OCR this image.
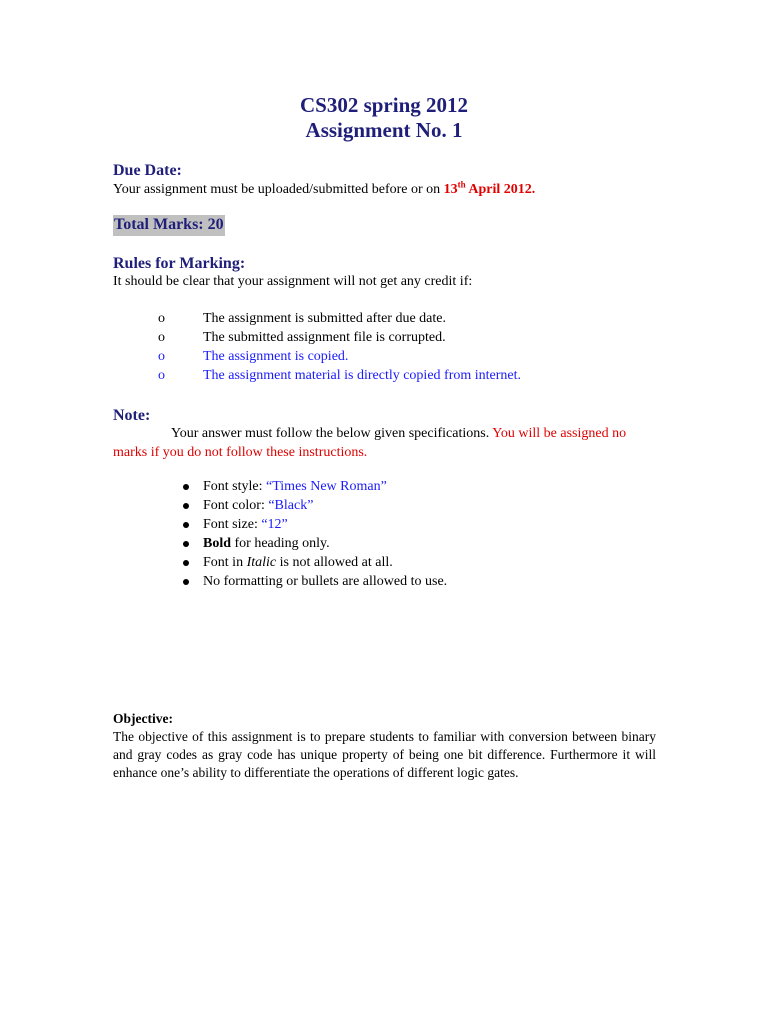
CS302 spring 2012
Assignment No. 1
Due Date:
Your assignment must be uploaded/submitted before or on 13th April 2012.
Total Marks: 20
Rules for Marking:
It should be clear that your assignment will not get any credit if:
o	The assignment is submitted after due date.
o	The submitted assignment file is corrupted.
o	The assignment is copied.
o	The assignment material is directly copied from internet.
Note:
Your answer must follow the below given specifications. You will be assigned no marks if you do not follow these instructions.
Font style: “Times New Roman”
Font color: “Black”
Font size: “12”
Bold for heading only.
Font in Italic is not allowed at all.
No formatting or bullets are allowed to use.
Objective:
The objective of this assignment is to prepare students to familiar with conversion between binary and gray codes as gray code has unique property of being one bit difference. Furthermore it will enhance one’s ability to differentiate the operations of different logic gates.
